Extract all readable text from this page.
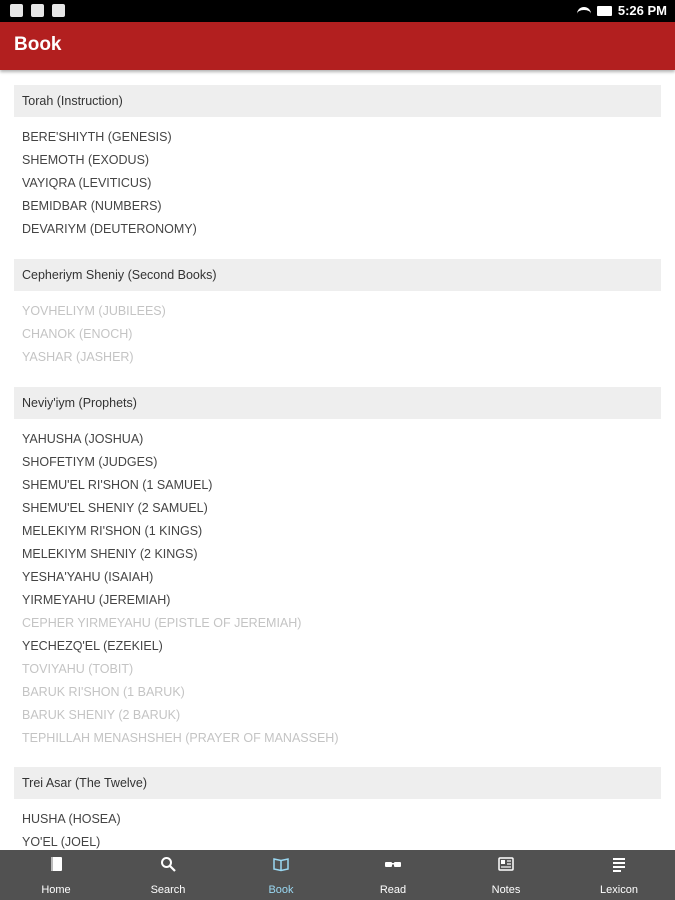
5:26 PM
Book
Torah (Instruction)
BERE'SHIYTH (GENESIS)
SHEMOTH (EXODUS)
VAYIQRA (LEVITICUS)
BEMIDBAR (NUMBERS)
DEVARIYM (DEUTERONOMY)
Cepheriym Sheniy (Second Books)
YOVHELIYM (JUBILEES)
CHANOK (ENOCH)
YASHAR (JASHER)
Neviy'iym (Prophets)
YAHUSHA (JOSHUA)
SHOFETIYM (JUDGES)
SHEMU'EL RI'SHON (1 SAMUEL)
SHEMU'EL SHENIY (2 SAMUEL)
MELEKIYM RI'SHON (1 KINGS)
MELEKIYM SHENIY (2 KINGS)
YESHA'YAHU (ISAIAH)
YIRMEYAHU (JEREMIAH)
CEPHER YIRMEYAHU (EPISTLE OF JEREMIAH)
YECHEZQ'EL (EZEKIEL)
TOVIYAHU (TOBIT)
BARUK RI'SHON (1 BARUK)
BARUK SHENIY (2 BARUK)
TEPHILLAH MENASHSHEH (PRAYER OF MANASSEH)
Trei Asar (The Twelve)
HUSHA (HOSEA)
YO'EL (JOEL)
Home	Search	Book	Read	Notes	Lexicon
